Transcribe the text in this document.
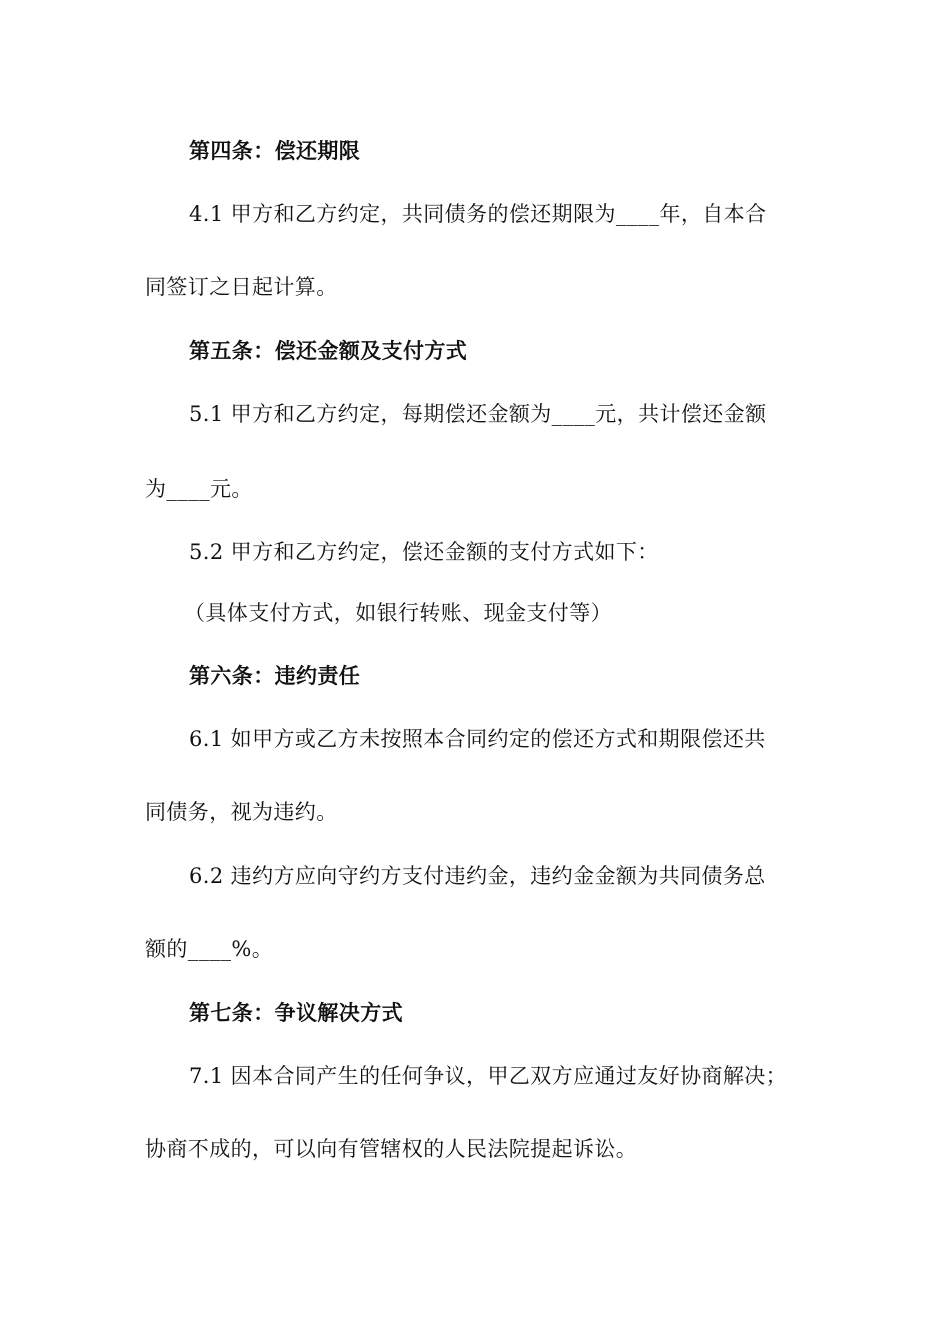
第四条：偿还期限
4.1 甲方和乙方约定，共同债务的偿还期限为____年，自本合
同签订之日起计算。
第五条：偿还金额及支付方式
5.1 甲方和乙方约定，每期偿还金额为____元，共计偿还金额
为____元。
5.2 甲方和乙方约定，偿还金额的支付方式如下：
（具体支付方式，如银行转账、现金支付等）
第六条：违约责任
6.1 如甲方或乙方未按照本合同约定的偿还方式和期限偿还共
同债务，视为违约。
6.2 违约方应向守约方支付违约金，违约金金额为共同债务总
额的____%。
第七条：争议解决方式
7.1 因本合同产生的任何争议，甲乙双方应通过友好协商解决；
协商不成的，可以向有管辖权的人民法院提起诉讼。
